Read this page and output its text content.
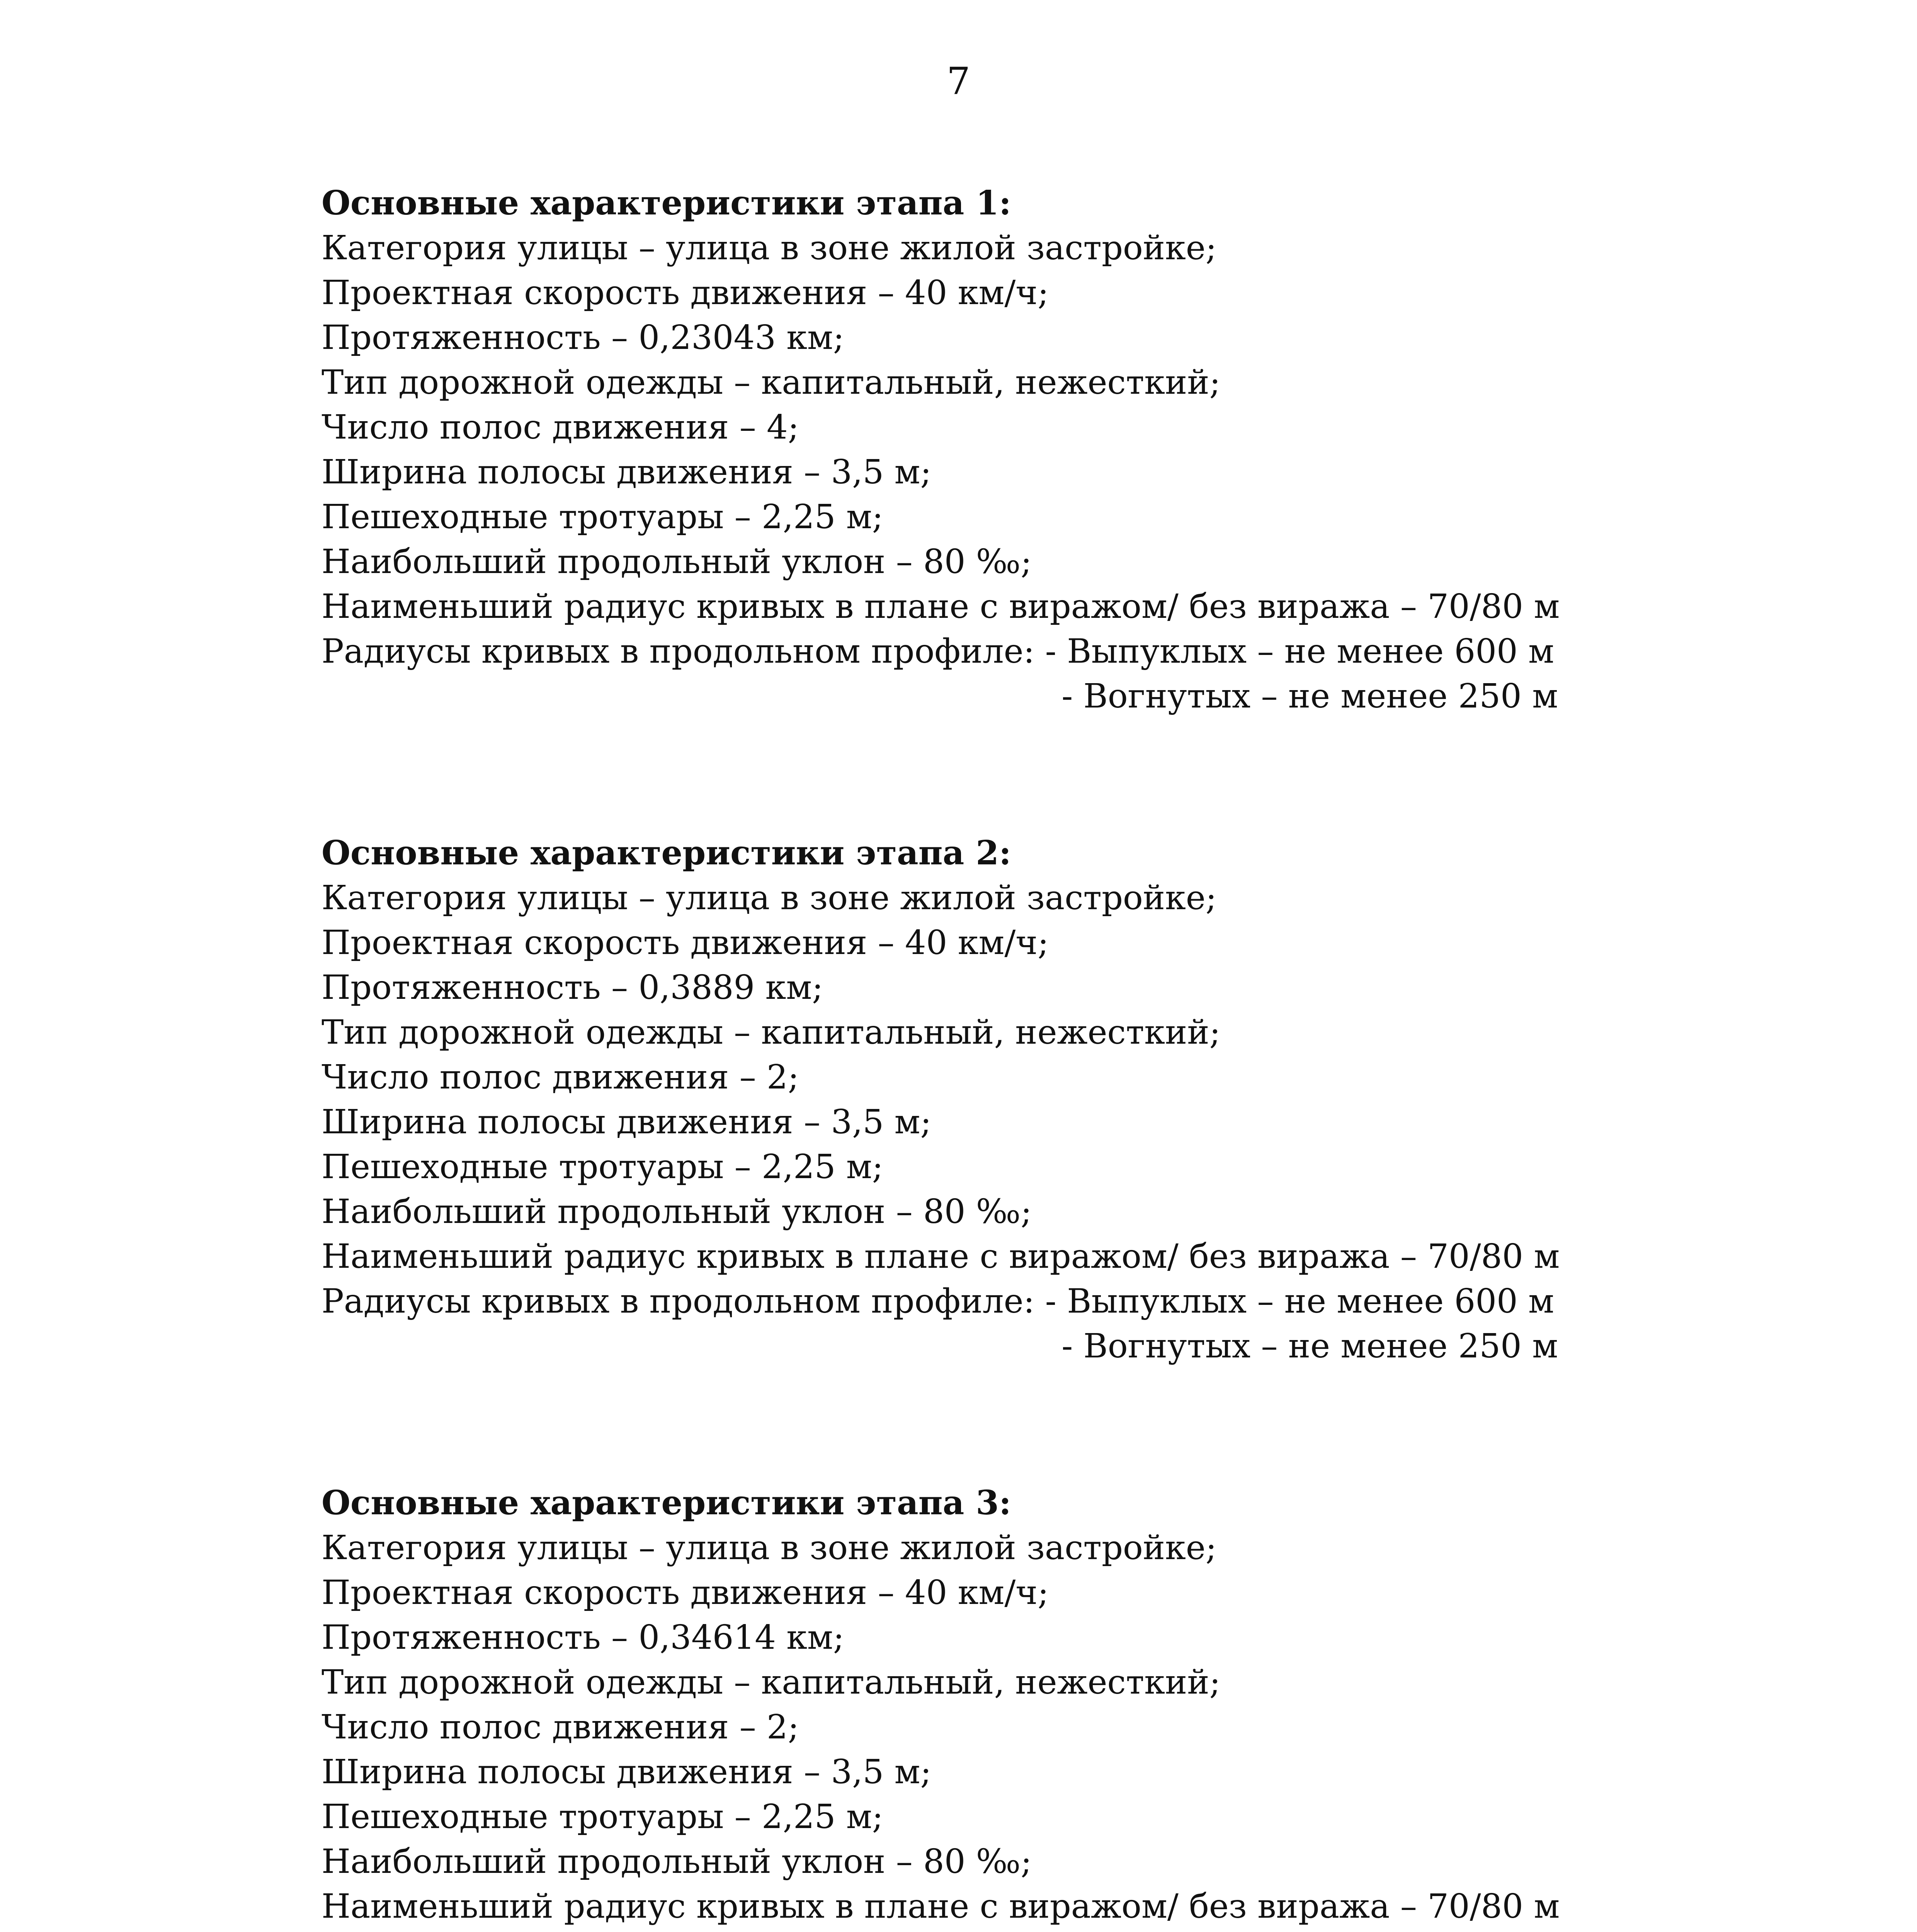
7
Основные характеристики этапа 1:
Категория улицы – улица в зоне жилой застройке;
Проектная скорость движения – 40 км/ч;
Протяженность – 0,23043 км;
Тип дорожной одежды – капитальный, нежесткий;
Число полос движения – 4;
Ширина полосы движения – 3,5 м;
Пешеходные тротуары – 2,25 м;
Наибольший продольный уклон – 80 ‰;
Наименьший радиус кривых в плане с виражом/ без виража – 70/80 м
Радиусы кривых в продольном профиле: - Выпуклых – не менее 600 м
- Вогнутых – не менее 250 м
Основные характеристики этапа 2:
Категория улицы – улица в зоне жилой застройке;
Проектная скорость движения – 40 км/ч;
Протяженность – 0,3889 км;
Тип дорожной одежды – капитальный, нежесткий;
Число полос движения – 2;
Ширина полосы движения – 3,5 м;
Пешеходные тротуары – 2,25 м;
Наибольший продольный уклон – 80 ‰;
Наименьший радиус кривых в плане с виражом/ без виража – 70/80 м
Радиусы кривых в продольном профиле: - Выпуклых – не менее 600 м
- Вогнутых – не менее 250 м
Основные характеристики этапа 3:
Категория улицы – улица в зоне жилой застройке;
Проектная скорость движения – 40 км/ч;
Протяженность – 0,34614 км;
Тип дорожной одежды – капитальный, нежесткий;
Число полос движения – 2;
Ширина полосы движения – 3,5 м;
Пешеходные тротуары – 2,25 м;
Наибольший продольный уклон – 80 ‰;
Наименьший радиус кривых в плане с виражом/ без виража – 70/80 м
